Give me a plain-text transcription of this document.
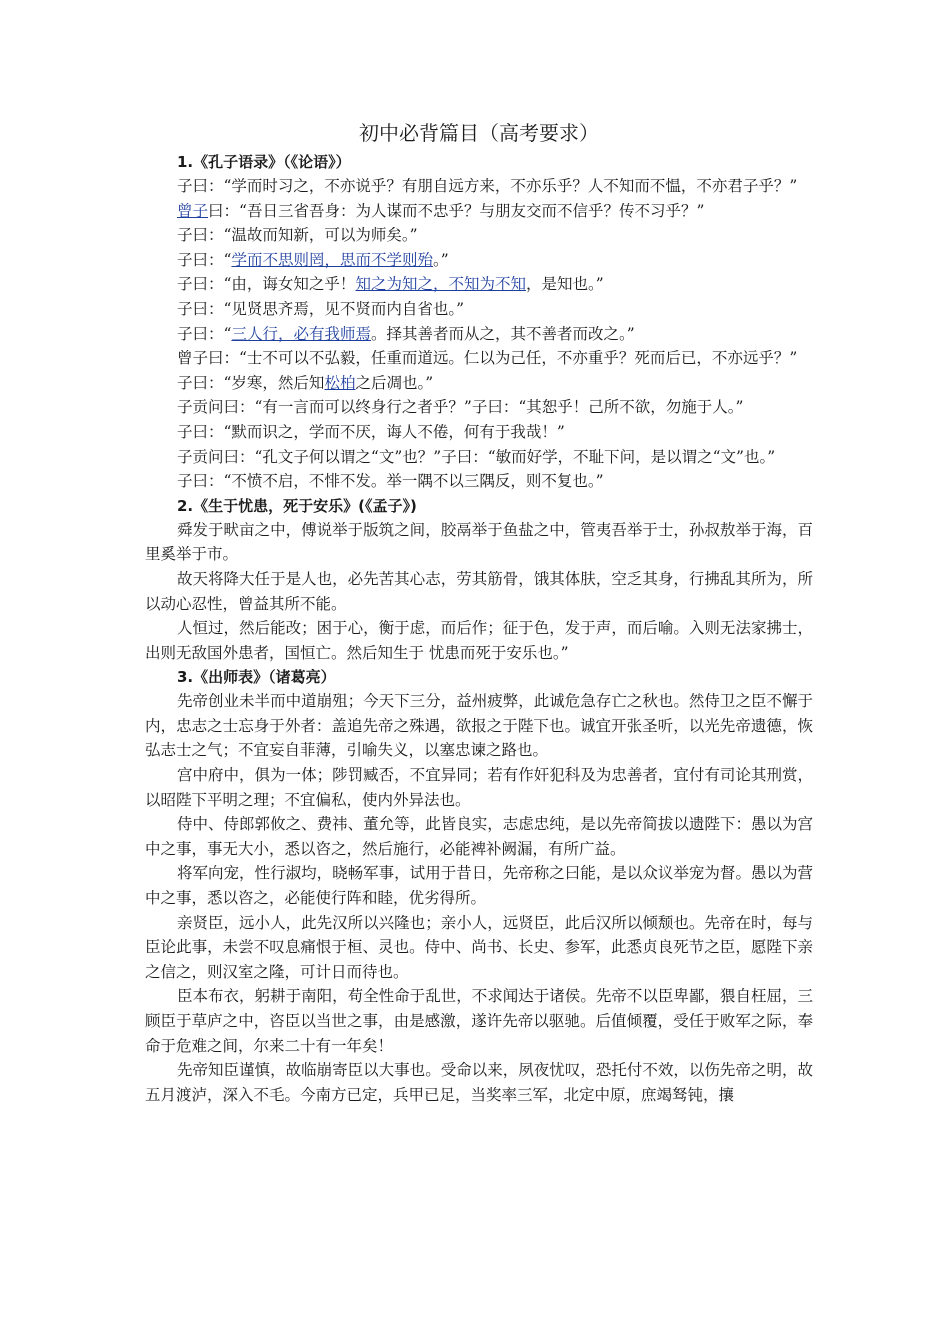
初中必背篇目（高考要求）
1.《孔子语录》（《论语》）
子曰：“学而时习之，不亦说乎？有朋自远方来，不亦乐乎？人不知而不愠，不亦君子乎？”
曾子曰：“吾日三省吾身：为人谋而不忠乎？与朋友交而不信乎？传不习乎？”
子曰：“温故而知新，可以为师矣。”
子曰：“学而不思则罔，思而不学则殆。”
子曰：“由，诲女知之乎！知之为知之，不知为不知，是知也。”
子曰：“见贤思齐焉，见不贤而内自省也。”
子曰：“三人行，必有我师焉。择其善者而从之，其不善者而改之。”
曾子曰：“士不可以不弘毅，任重而道远。仁以为己任，不亦重乎？死而后已，不亦远乎？”
子曰：“岁寒，然后知松柏之后凋也。”
子贡问曰：“有一言而可以终身行之者乎？”子曰：“其恕乎！己所不欲，勿施于人。”
子曰：“默而识之，学而不厌，诲人不倦，何有于我哉！”
子贡问曰：“孔文子何以谓之“文”也？”子曰：“敏而好学，不耻下问，是以谓之“文”也。”
子曰：“不愤不启，不悱不发。举一隅不以三隅反，则不复也。”
2.《生于忧患，死于安乐》(《孟子》)
舜发于畎亩之中，傅说举于版筑之间，胶鬲举于鱼盐之中，管夷吾举于士，孙叔敖举于海，百里奚举于市。
故天将降大任于是人也，必先苦其心志，劳其筋骨，饿其体肤，空乏其身，行拂乱其所为，所以动心忍性，曾益其所不能。
人恒过，然后能改；困于心，衡于虑，而后作；征于色，发于声，而后喻。入则无法家拂士，出则无敌国外患者，国恒亡。然后知生于 忧患而死于安乐也。”
3.《出师表》（诸葛亮）
先帝创业未半而中道崩殂；今天下三分，益州疲弊，此诚危急存亡之秋也。然侍卫之臣不懈于内，忠志之士忘身于外者：盖追先帝之殊遇，欲报之于陛下也。诚宜开张圣听，以光先帝遗德，恢弘志士之气；不宜妄自菲薄，引喻失义，以塞忠谏之路也。
宫中府中，俱为一体；陟罚臧否，不宜异同；若有作奸犯科及为忠善者，宜付有司论其刑赏，以昭陛下平明之理；不宜偏私，使内外异法也。
侍中、侍郎郭攸之、费祎、董允等，此皆良实，志虑忠纯，是以先帝简拔以遗陛下：愚以为宫中之事，事无大小，悉以咨之，然后施行，必能裨补阙漏，有所广益。
将军向宠，性行淑均，晓畅军事，试用于昔日，先帝称之曰能，是以众议举宠为督。愚以为营中之事，悉以咨之，必能使行阵和睦，优劣得所。
亲贤臣，远小人，此先汉所以兴隆也；亲小人，远贤臣，此后汉所以倾颓也。先帝在时，每与臣论此事，未尝不叹息痛恨于桓、灵也。侍中、尚书、长史、参军，此悉贞良死节之臣，愿陛下亲之信之，则汉室之隆，可计日而待也。
臣本布衣，躬耕于南阳，苟全性命于乱世，不求闻达于诸侯。先帝不以臣卑鄙，猥自枉屈，三顾臣于草庐之中，咨臣以当世之事，由是感激，遂许先帝以驱驰。后值倾覆，受任于败军之际，奉命于危难之间，尔来二十有一年矣！
先帝知臣谨慎，故临崩寄臣以大事也。受命以来，夙夜忧叹，恐托付不效，以伤先帝之明，故五月渡泸，深入不毛。今南方已定，兵甲已足，当奖率三军，北定中原，庶竭驽钝，攘
